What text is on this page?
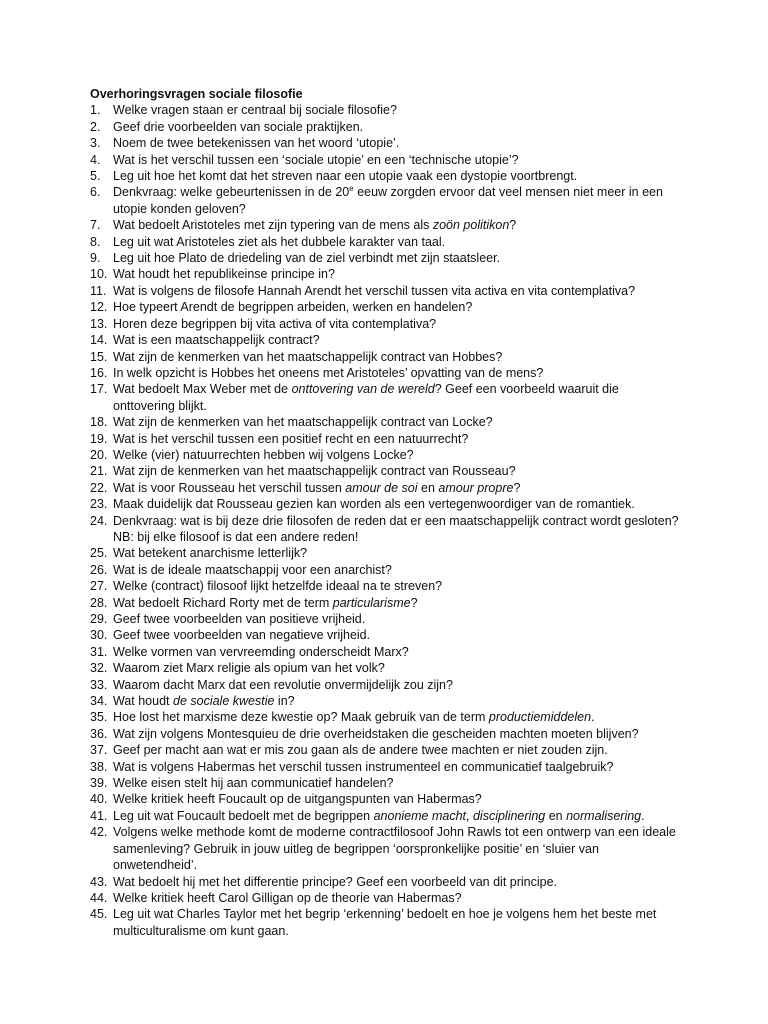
Overhoringsvragen sociale filosofie
1.	Welke vragen staan er centraal bij sociale filosofie?
2.	Geef drie voorbeelden van sociale praktijken.
3.	Noem de twee betekenissen van het woord ‘utopie’.
4.	Wat is het verschil tussen een ‘sociale utopie’ en een ‘technische utopie’?
5.	Leg uit hoe het komt dat het streven naar een utopie vaak een dystopie voortbrengt.
6.	Denkvraag: welke gebeurtenissen in de 20e eeuw zorgden ervoor dat veel mensen niet meer in een utopie konden geloven?
7.	Wat bedoelt Aristoteles met zijn typering van de mens als zoön politikon?
8.	Leg uit wat Aristoteles ziet als het dubbele karakter van taal.
9.	Leg uit hoe Plato de driedeling van de ziel verbindt met zijn staatsleer.
10. Wat houdt het republikeinse principe in?
11. Wat is volgens de filosofe Hannah Arendt het verschil tussen vita activa en vita contemplativa?
12. Hoe typeert Arendt de begrippen arbeiden, werken en handelen?
13. Horen deze begrippen bij vita activa of vita contemplativa?
14. Wat is een maatschappelijk contract?
15. Wat zijn de kenmerken van het maatschappelijk contract van Hobbes?
16. In welk opzicht is Hobbes het oneens met Aristoteles’ opvatting van de mens?
17. Wat bedoelt Max Weber met de onttovering van de wereld? Geef een voorbeeld waaruit die onttovering blijkt.
18. Wat zijn de kenmerken van het maatschappelijk contract van Locke?
19. Wat is het verschil tussen een positief recht en een natuurrecht?
20. Welke (vier) natuurrechten hebben wij volgens Locke?
21. Wat zijn de kenmerken van het maatschappelijk contract van Rousseau?
22. Wat is voor Rousseau het verschil tussen amour de soi en amour propre?
23. Maak duidelijk dat Rousseau gezien kan worden als een vertegenwoordiger van de romantiek.
24. Denkvraag: wat is bij deze drie filosofen de reden dat er een maatschappelijk contract wordt gesloten? NB: bij elke filosoof is dat een andere reden!
25. Wat betekent anarchisme letterlijk?
26. Wat is de ideale maatschappij voor een anarchist?
27. Welke (contract) filosoof lijkt hetzelfde ideaal na te streven?
28. Wat bedoelt Richard Rorty met de term particularisme?
29. Geef twee voorbeelden van positieve vrijheid.
30. Geef twee voorbeelden van negatieve vrijheid.
31. Welke vormen van vervreemding onderscheidt Marx?
32. Waarom ziet Marx religie als opium van het volk?
33. Waarom dacht Marx dat een revolutie onvermijdelijk zou zijn?
34. Wat houdt de sociale kwestie in?
35. Hoe lost het marxisme deze kwestie op? Maak gebruik van de term productiemiddelen.
36. Wat zijn volgens Montesquieu de drie overheidstaken die gescheiden machten moeten blijven?
37. Geef per macht aan wat er mis zou gaan als de andere twee machten er niet zouden zijn.
38. Wat is volgens Habermas het verschil tussen instrumenteel en communicatief taalgebruik?
39. Welke eisen stelt hij aan communicatief handelen?
40. Welke kritiek heeft Foucault op de uitgangspunten van Habermas?
41. Leg uit wat Foucault bedoelt met de begrippen anonieme macht, disciplinering en normalisering.
42. Volgens welke methode komt de moderne contractfilosoof John Rawls tot een ontwerp van een ideale samenleving? Gebruik in jouw uitleg de begrippen ‘oorspronkelijke positie’ en ‘sluier van onwetendheid’.
43. Wat bedoelt hij met het differentie principe? Geef een voorbeeld van dit principe.
44. Welke kritiek heeft Carol Gilligan op de theorie van Habermas?
45. Leg uit wat Charles Taylor met het begrip ‘erkenning’ bedoelt en hoe je volgens hem het beste met multiculturalisme om kunt gaan.
